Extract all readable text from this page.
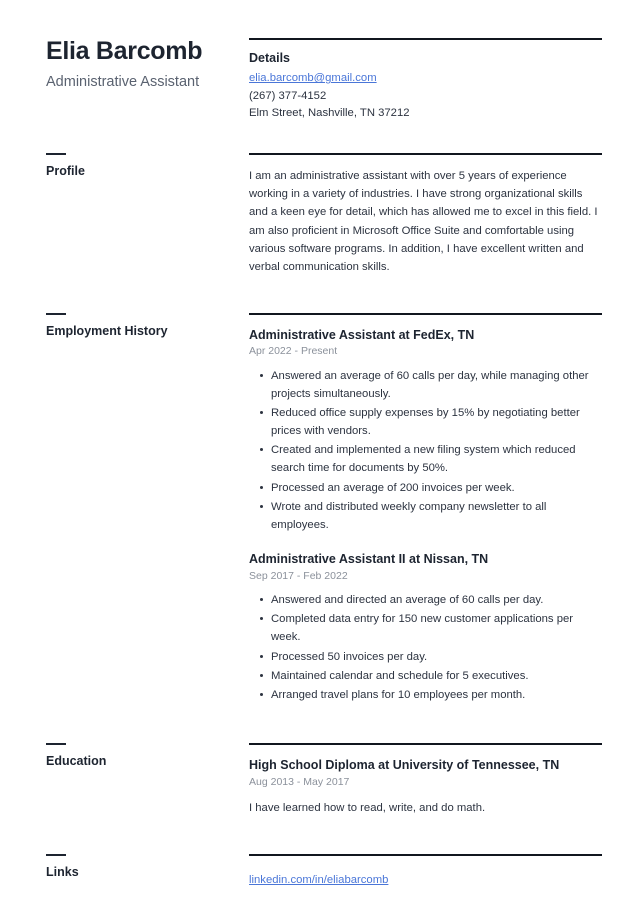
Elia Barcomb
Administrative Assistant
Details
elia.barcomb@gmail.com
(267) 377-4152
Elm Street, Nashville, TN 37212
Profile	I am an administrative assistant with over 5 years of experience working in a variety of industries. I have strong organizational skills and a keen eye for detail, which has allowed me to excel in this field. I am also proficient in Microsoft Office Suite and comfortable using various software programs. In addition, I have excellent written and verbal communication skills.

Employment History	Administrative Assistant at FedEx, TN
Apr 2022 - Present
Answered an average of 60 calls per day, while managing other projects simultaneously.
Reduced office supply expenses by 15% by negotiating better prices with vendors.
Created and implemented a new filing system which reduced search time for documents by 50%.
Processed an average of 200 invoices per week.
Wrote and distributed weekly company newsletter to all employees.
Administrative Assistant II at Nissan, TN
Sep 2017 - Feb 2022
Answered and directed an average of 60 calls per day.
Completed data entry for 150 new customer applications per week.
Processed 50 invoices per day.
Maintained calendar and schedule for 5 executives.
Arranged travel plans for 10 employees per month.
Education	High School Diploma at University of Tennessee, TN
Aug 2013 - May 2017

I have learned how to read, write, and do math.

Links
linkedin.com/in/eliabarcomb
